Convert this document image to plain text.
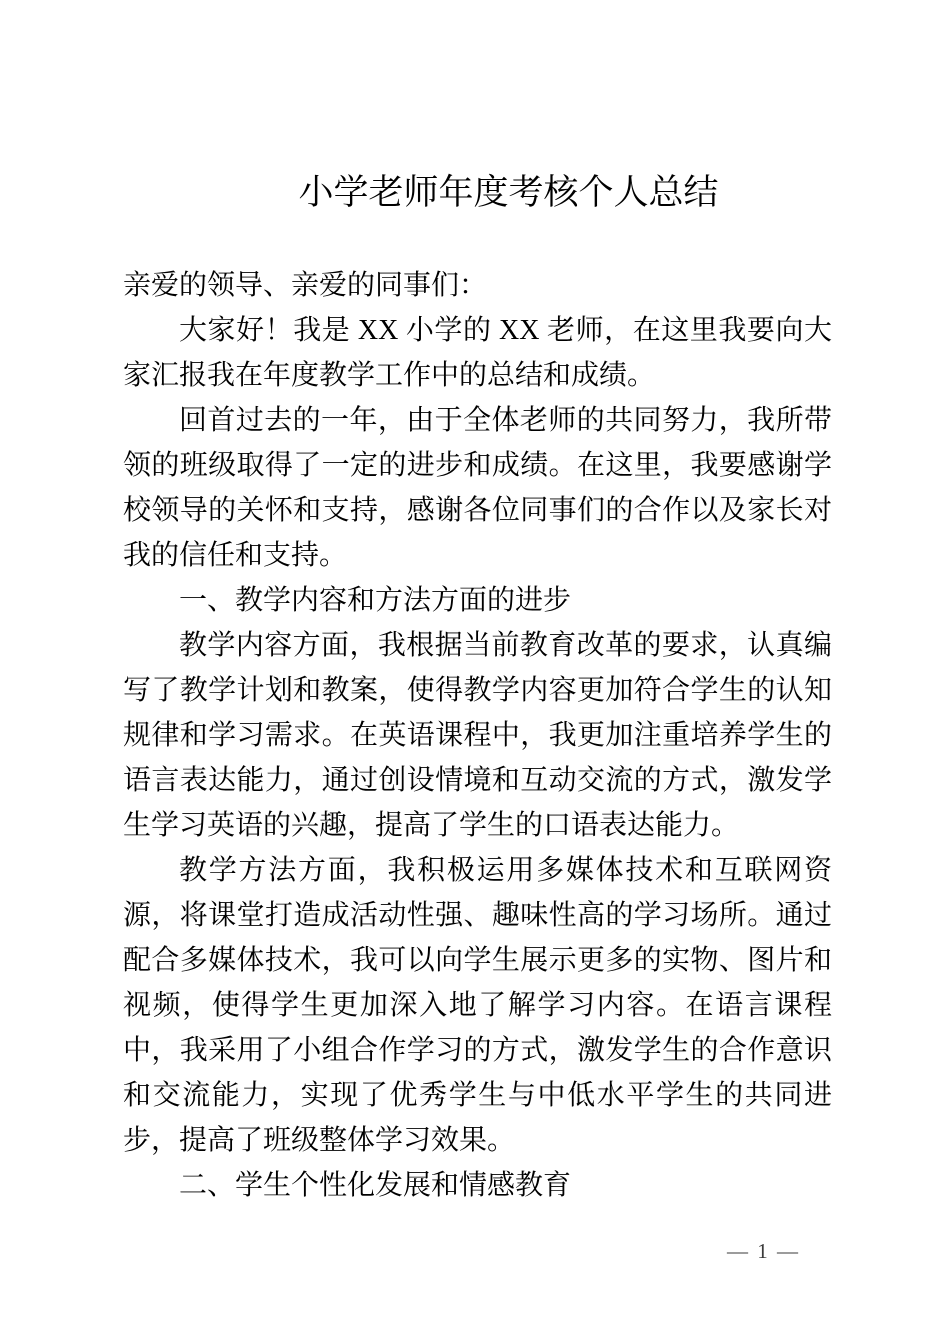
小学老师年度考核个人总结

亲爱的领导、亲爱的同事们：

大家好！我是 XX 小学的 XX 老师，在这里我要向大家汇报我在年度教学工作中的总结和成绩。

回首过去的一年，由于全体老师的共同努力，我所带领的班级取得了一定的进步和成绩。在这里，我要感谢学校领导的关怀和支持，感谢各位同事们的合作以及家长对我的信任和支持。

一、教学内容和方法方面的进步

教学内容方面，我根据当前教育改革的要求，认真编写了教学计划和教案，使得教学内容更加符合学生的认知规律和学习需求。在英语课程中，我更加注重培养学生的语言表达能力，通过创设情境和互动交流的方式，激发学生学习英语的兴趣，提高了学生的口语表达能力。

教学方法方面，我积极运用多媒体技术和互联网资源，将课堂打造成活动性强、趣味性高的学习场所。通过配合多媒体技术，我可以向学生展示更多的实物、图片和视频，使得学生更加深入地了解学习内容。在语言课程中，我采用了小组合作学习的方式，激发学生的合作意识和交流能力，实现了优秀学生与中低水平学生的共同进步，提高了班级整体学习效果。

二、学生个性化发展和情感教育

— 1 —
